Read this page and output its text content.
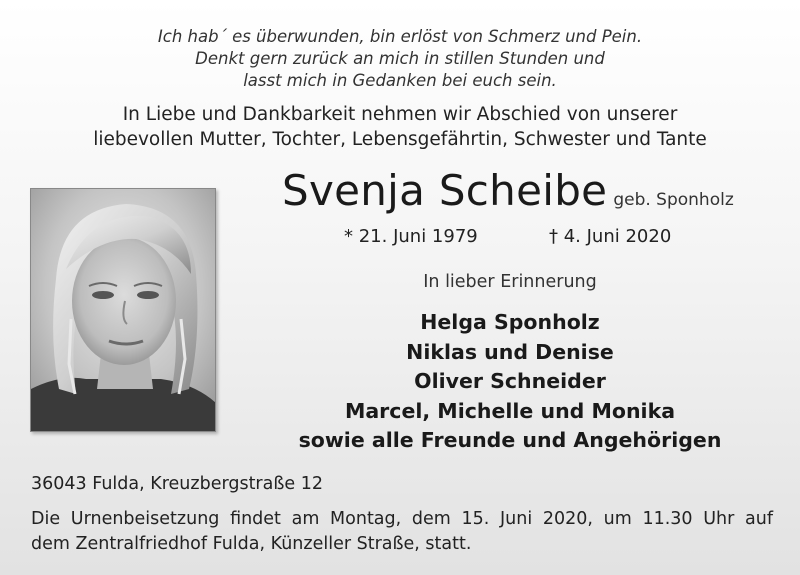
Ich hab´ es überwunden, bin erlöst von Schmerz und Pein.
Denkt gern zurück an mich in stillen Stunden und
lasst mich in Gedanken bei euch sein.
In Liebe und Dankbarkeit nehmen wir Abschied von unserer
liebevollen Mutter, Tochter, Lebensgefährtin, Schwester und Tante
Svenja Scheibe geb. Sponholz
* 21. Juni 1979	† 4. Juni 2020
In lieber Erinnerung
Helga Sponholz
Niklas und Denise
Oliver Schneider
Marcel, Michelle und Monika
sowie alle Freunde und Angehörigen
36043 Fulda, Kreuzbergstraße 12
Die Urnenbeisetzung findet am Montag, dem 15. Juni 2020, um 11.30 Uhr auf
dem Zentralfriedhof Fulda, Künzeller Straße, statt.
